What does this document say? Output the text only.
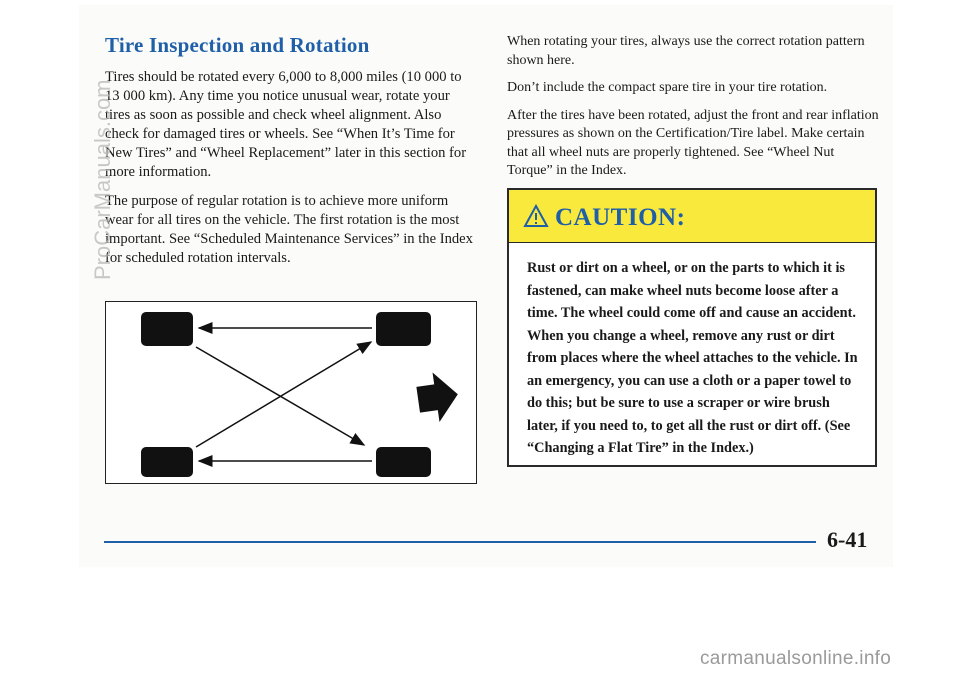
Tire Inspection and Rotation

Tires should be rotated every 6,000 to 8,000 miles (10 000 to 13 000 km). Any time you notice unusual wear, rotate your tires as soon as possible and check wheel alignment. Also check for damaged tires or wheels. See “When It’s Time for New Tires” and “Wheel Replacement” later in this section for more information.

The purpose of regular rotation is to achieve more uniform wear for all tires on the vehicle. The first rotation is the most important. See “Scheduled Maintenance Services” in the Index for scheduled rotation intervals.

When rotating your tires, always use the correct rotation pattern shown here.

Don’t include the compact spare tire in your tire rotation.

After the tires have been rotated, adjust the front and rear inflation pressures as shown on the Certification/Tire label. Make certain that all wheel nuts are properly tightened. See “Wheel Nut Torque” in the Index.

CAUTION:
Rust or dirt on a wheel, or on the parts to which it is fastened, can make wheel nuts become loose after a time. The wheel could come off and cause an accident. When you change a wheel, remove any rust or dirt from places where the wheel attaches to the vehicle. In an emergency, you can use a cloth or a paper towel to do this; but be sure to use a scraper or wire brush later, if you need to, to get all the rust or dirt off. (See “Changing a Flat Tire” in the Index.)
6-41
ProCarManuals.com
carmanualsonline.info
